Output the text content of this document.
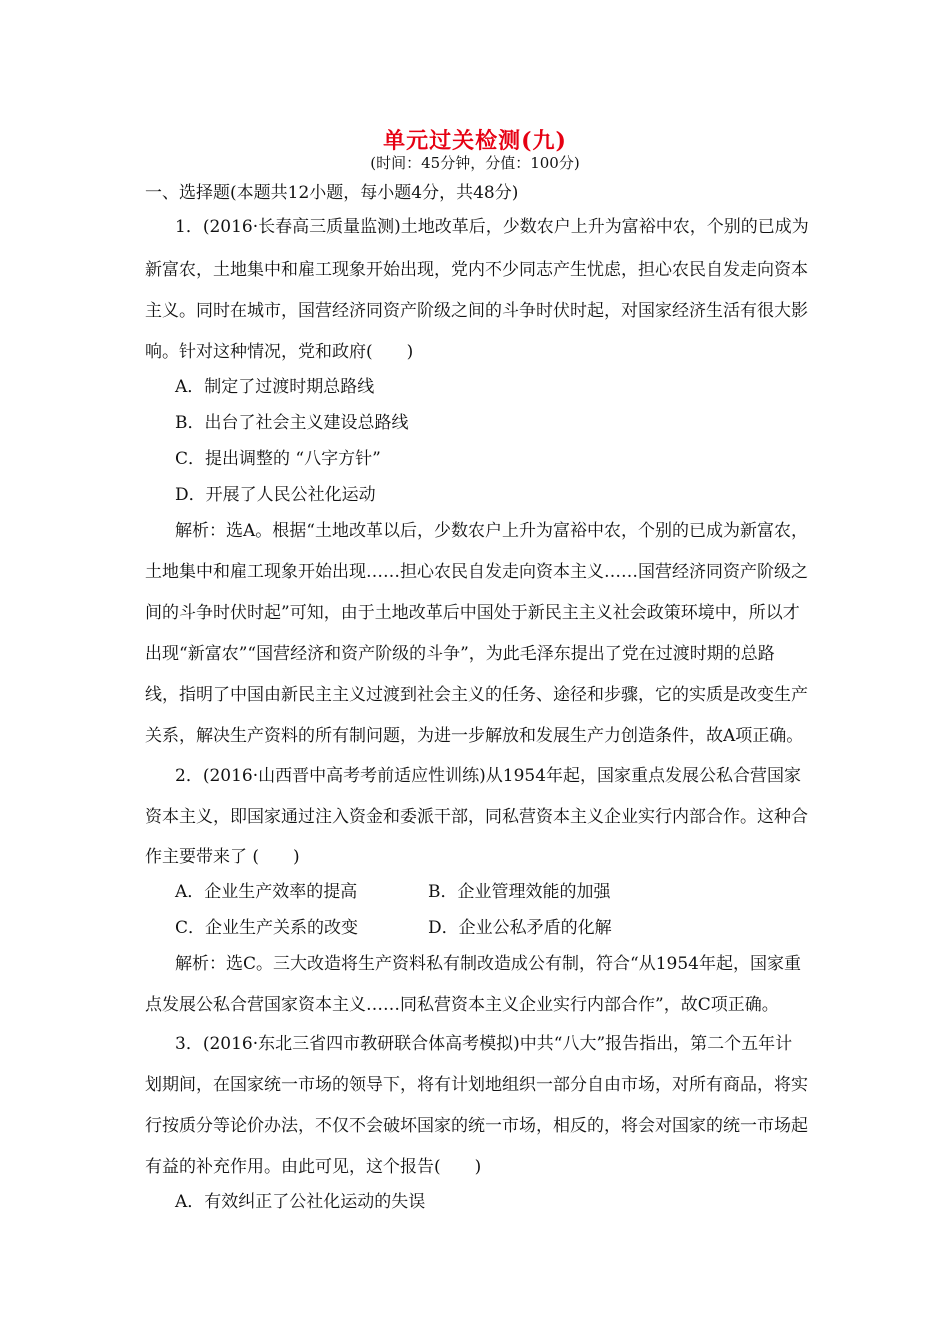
单元过关检测(九)
(时间：45分钟，分值：100分)
一、选择题(本题共12小题，每小题4分，共48分)
1．(2016·长春高三质量监测)土地改革后，少数农户上升为富裕中农，个别的已成为
新富农，土地集中和雇工现象开始出现，党内不少同志产生忧虑，担心农民自发走向资本
主义。同时在城市，国营经济同资产阶级之间的斗争时伏时起，对国家经济生活有很大影
响。针对这种情况，党和政府(　　)
A．制定了过渡时期总路线
B．出台了社会主义建设总路线
C．提出调整的 “八字方针”
D．开展了人民公社化运动
解析：选A。根据“土地改革以后，少数农户上升为富裕中农，个别的已成为新富农，
土地集中和雇工现象开始出现……担心农民自发走向资本主义……国营经济同资产阶级之
间的斗争时伏时起”可知，由于土地改革后中国处于新民主主义社会政策环境中，所以才
出现“新富农”“国营经济和资产阶级的斗争”，为此毛泽东提出了党在过渡时期的总路
线，指明了中国由新民主主义过渡到社会主义的任务、途径和步骤，它的实质是改变生产
关系，解决生产资料的所有制问题，为进一步解放和发展生产力创造条件，故A项正确。
2．(2016·山西晋中高考考前适应性训练)从1954年起，国家重点发展公私合营国家
资本主义，即国家通过注入资金和委派干部，同私营资本主义企业实行内部合作。这种合
作主要带来了 (　　)
A．企业生产效率的提高	B．企业管理效能的加强
C．企业生产关系的改变	D．企业公私矛盾的化解
解析：选C。三大改造将生产资料私有制改造成公有制，符合“从1954年起，国家重
点发展公私合营国家资本主义……同私营资本主义企业实行内部合作”，故C项正确。
3．(2016·东北三省四市教研联合体高考模拟)中共“八大”报告指出，第二个五年计
划期间，在国家统一市场的领导下，将有计划地组织一部分自由市场，对所有商品，将实
行按质分等论价办法，不仅不会破坏国家的统一市场，相反的，将会对国家的统一市场起
有益的补充作用。由此可见，这个报告(　　)
A．有效纠正了公社化运动的失误
